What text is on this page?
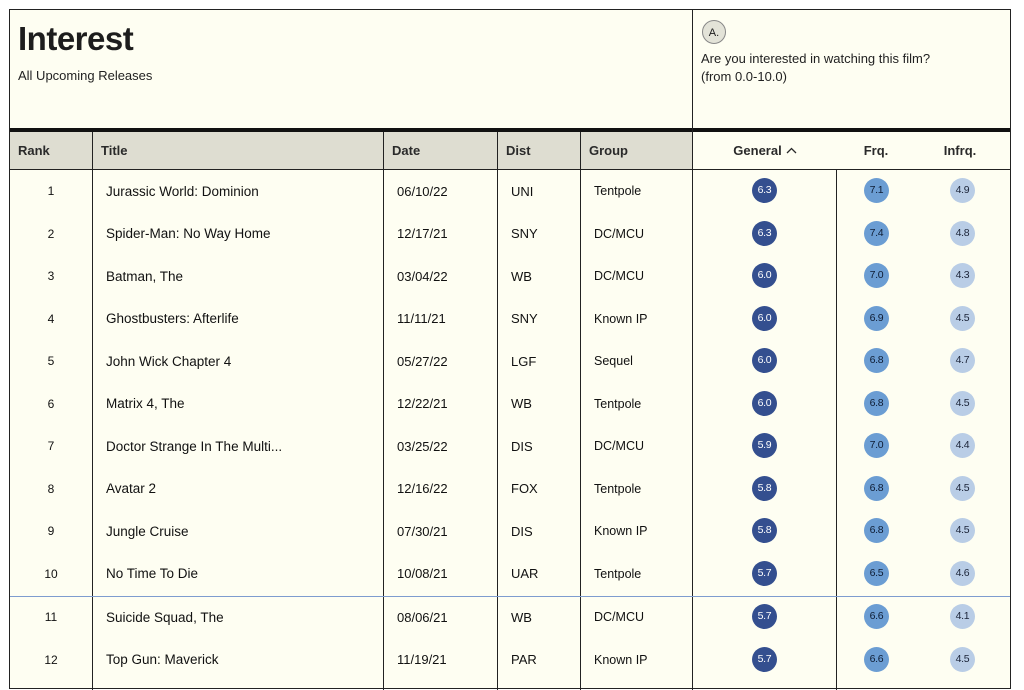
Interest
All Upcoming Releases
A.
Are you interested in watching this film?
(from 0.0-10.0)
Rank	Title	Date	Dist	Group	General	Frq.	Infrq.
1	Jurassic World: Dominion	06/10/22	UNI	Tentpole	6.3	7.1	4.9
2	Spider-Man: No Way Home	12/17/21	SNY	DC/MCU	6.3	7.4	4.8
3	Batman, The	03/04/22	WB	DC/MCU	6.0	7.0	4.3
4	Ghostbusters: Afterlife	11/11/21	SNY	Known IP	6.0	6.9	4.5
5	John Wick Chapter 4	05/27/22	LGF	Sequel	6.0	6.8	4.7
6	Matrix 4, The	12/22/21	WB	Tentpole	6.0	6.8	4.5
7	Doctor Strange In The Multi...	03/25/22	DIS	DC/MCU	5.9	7.0	4.4
8	Avatar 2	12/16/22	FOX	Tentpole	5.8	6.8	4.5
9	Jungle Cruise	07/30/21	DIS	Known IP	5.8	6.8	4.5
10	No Time To Die	10/08/21	UAR	Tentpole	5.7	6.5	4.6
11	Suicide Squad, The	08/06/21	WB	DC/MCU	5.7	6.6	4.1
12	Top Gun: Maverick	11/19/21	PAR	Known IP	5.7	6.6	4.5
